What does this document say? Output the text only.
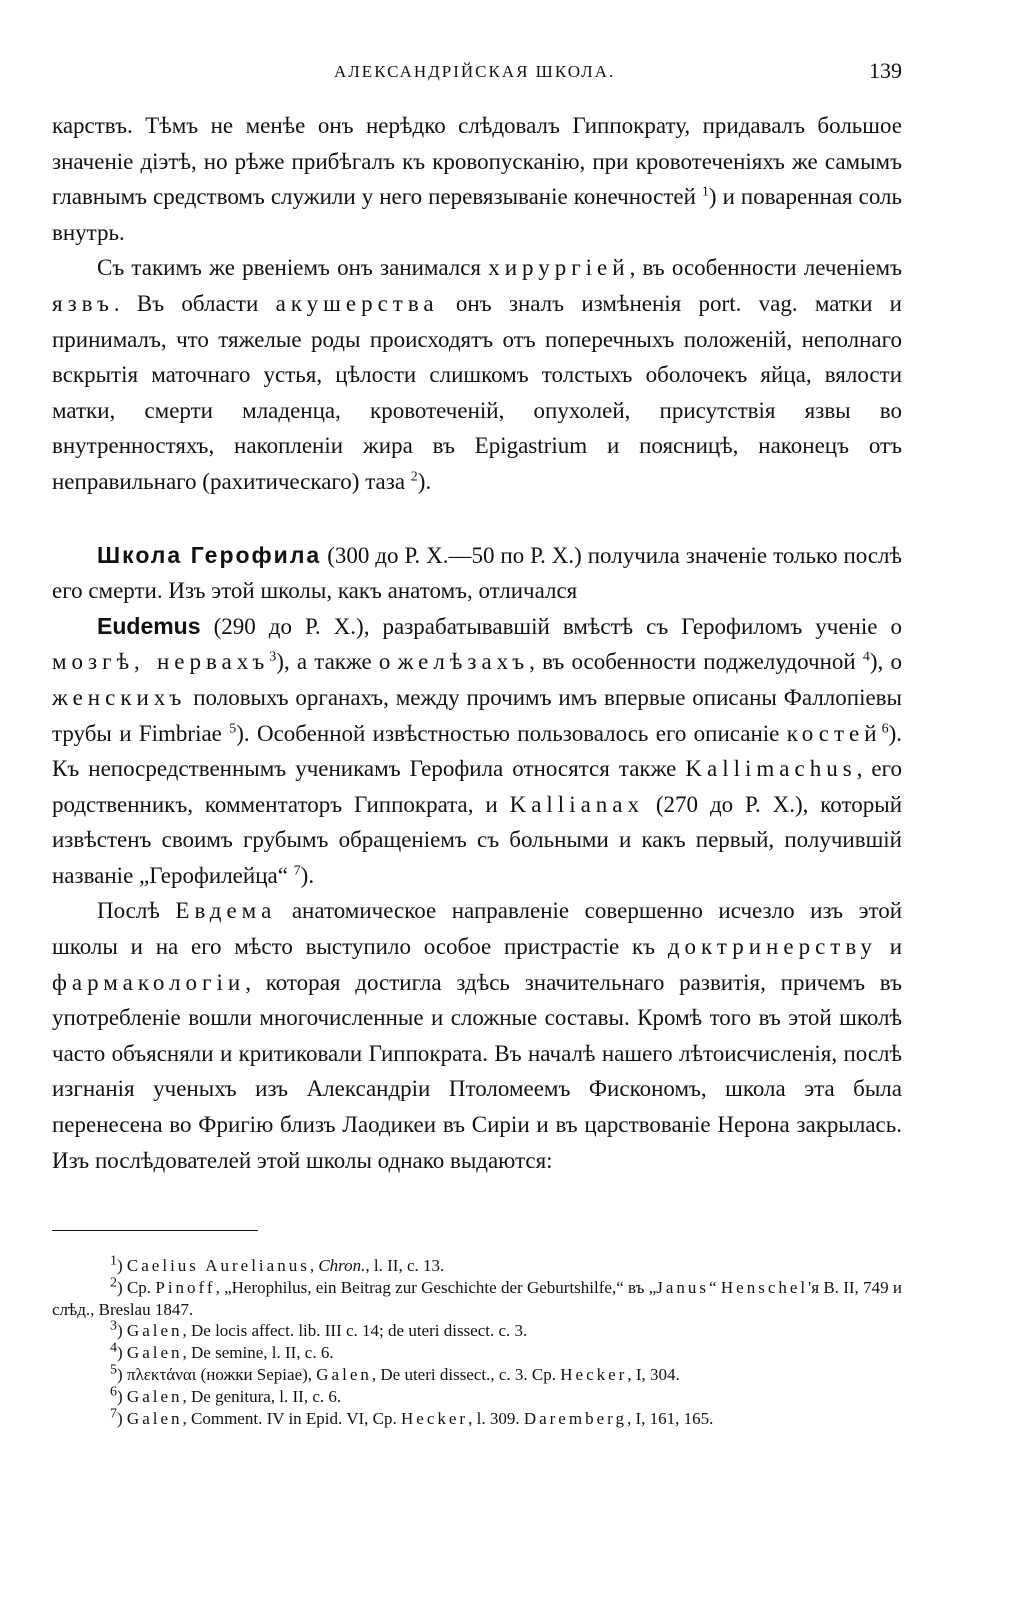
АЛЕКСАНДРІЙСКАЯ ШКОЛА.	139

карствъ. Тѣмъ не менѣе онъ нерѣдко слѣдовалъ Гиппократу, придавалъ большое значеніе діэтѣ, но рѣже прибѣгалъ къ кровопусканію, при кровотеченіяхъ же самымъ главнымъ средствомъ служили у него перевязываніе конечностей $^1$) и поваренная соль внутрь.

Съ такимъ же рвеніемъ онъ занимался хирургіей, въ особенности леченіемъ язвъ. Въ области акушерства онъ зналъ измѣненія port. vag. матки и принималъ, что тяжелые роды происходятъ отъ поперечныхъ положеній, неполнаго вскрытія маточнаго устья, цѣлости слишкомъ толстыхъ оболочекъ яйца, вялости матки, смерти младенца, кровотеченій, опухолей, присутствія язвы во внутренностяхъ, накопленіи жира въ Epigastrium и поясницѣ, наконецъ отъ неправильнаго (рахитическаго) таза $^2$).

Школа Герофила (300 до Р. Х.—50 по Р. Х.) получила значеніе только послѣ его смерти. Изъ этой школы, какъ анатомъ, отличался

Eudemus (290 до Р. Х.), разрабатывавшій вмѣстѣ съ Герофиломъ ученіе о мозгѣ, нервахъ$^3$), а также о желѣзахъ, въ особенности поджелудочной $^4$), о женскихъ половыхъ органахъ, между прочимъ имъ впервые описаны Фаллопіевы трубы и Fimbriae $^5$). Особенной извѣстностью пользовалось его описаніе костей$^6$). Къ непосредственнымъ ученикамъ Герофила относятся также Kallimachus, его родственникъ, комментаторъ Гиппократа, и Kallianax (270 до Р. Х.), который извѣстенъ своимъ грубымъ обращеніемъ съ больными и какъ первый, получившій названіе „Герофилейца“ $^7$).

Послѣ Евдема анатомическое направленіе совершенно исчезло изъ этой школы и на его мѣсто выступило особое пристрастіе къ доктринерству и фармакологіи, которая достигла здѣсь значительнаго развитія, причемъ въ употребленіе вошли многочисленные и сложные составы. Кромѣ того въ этой школѣ часто объясняли и критиковали Гиппократа. Въ началѣ нашего лѣтоисчисленія, послѣ изгнанія ученыхъ изъ Александріи Птоломеемъ Фискономъ, школа эта была перенесена во Фригію близъ Лаодикеи въ Сиріи и въ царствованіе Нерона закрылась. Изъ послѣдователей этой школы однако выдаются:

$^1$) Caelius Aurelianus, Chron., l. II, c. 13.
$^2$) Cp. Pinoff, „Herophilus, ein Beitrag zur Geschichte der Geburtshilfe,“ въ „Janus“ Henschel'я B. II, 749 и слѣд., Breslau 1847.
$^3$) Galen, De locis affect. lib. III c. 14; de uteri dissect. c. 3.
$^4$) Galen, De semine, l. II, c. 6.
$^5$) πλεκτάναι (ножки Sepiae), Galen, De uteri dissect., c. 3. Cp. Hecker, I, 304.
$^6$) Galen, De genitura, l. II, c. 6.
$^7$) Galen, Comment. IV in Epid. VI, Cp. Hecker, l. 309. Daremberg, I, 161, 165.
